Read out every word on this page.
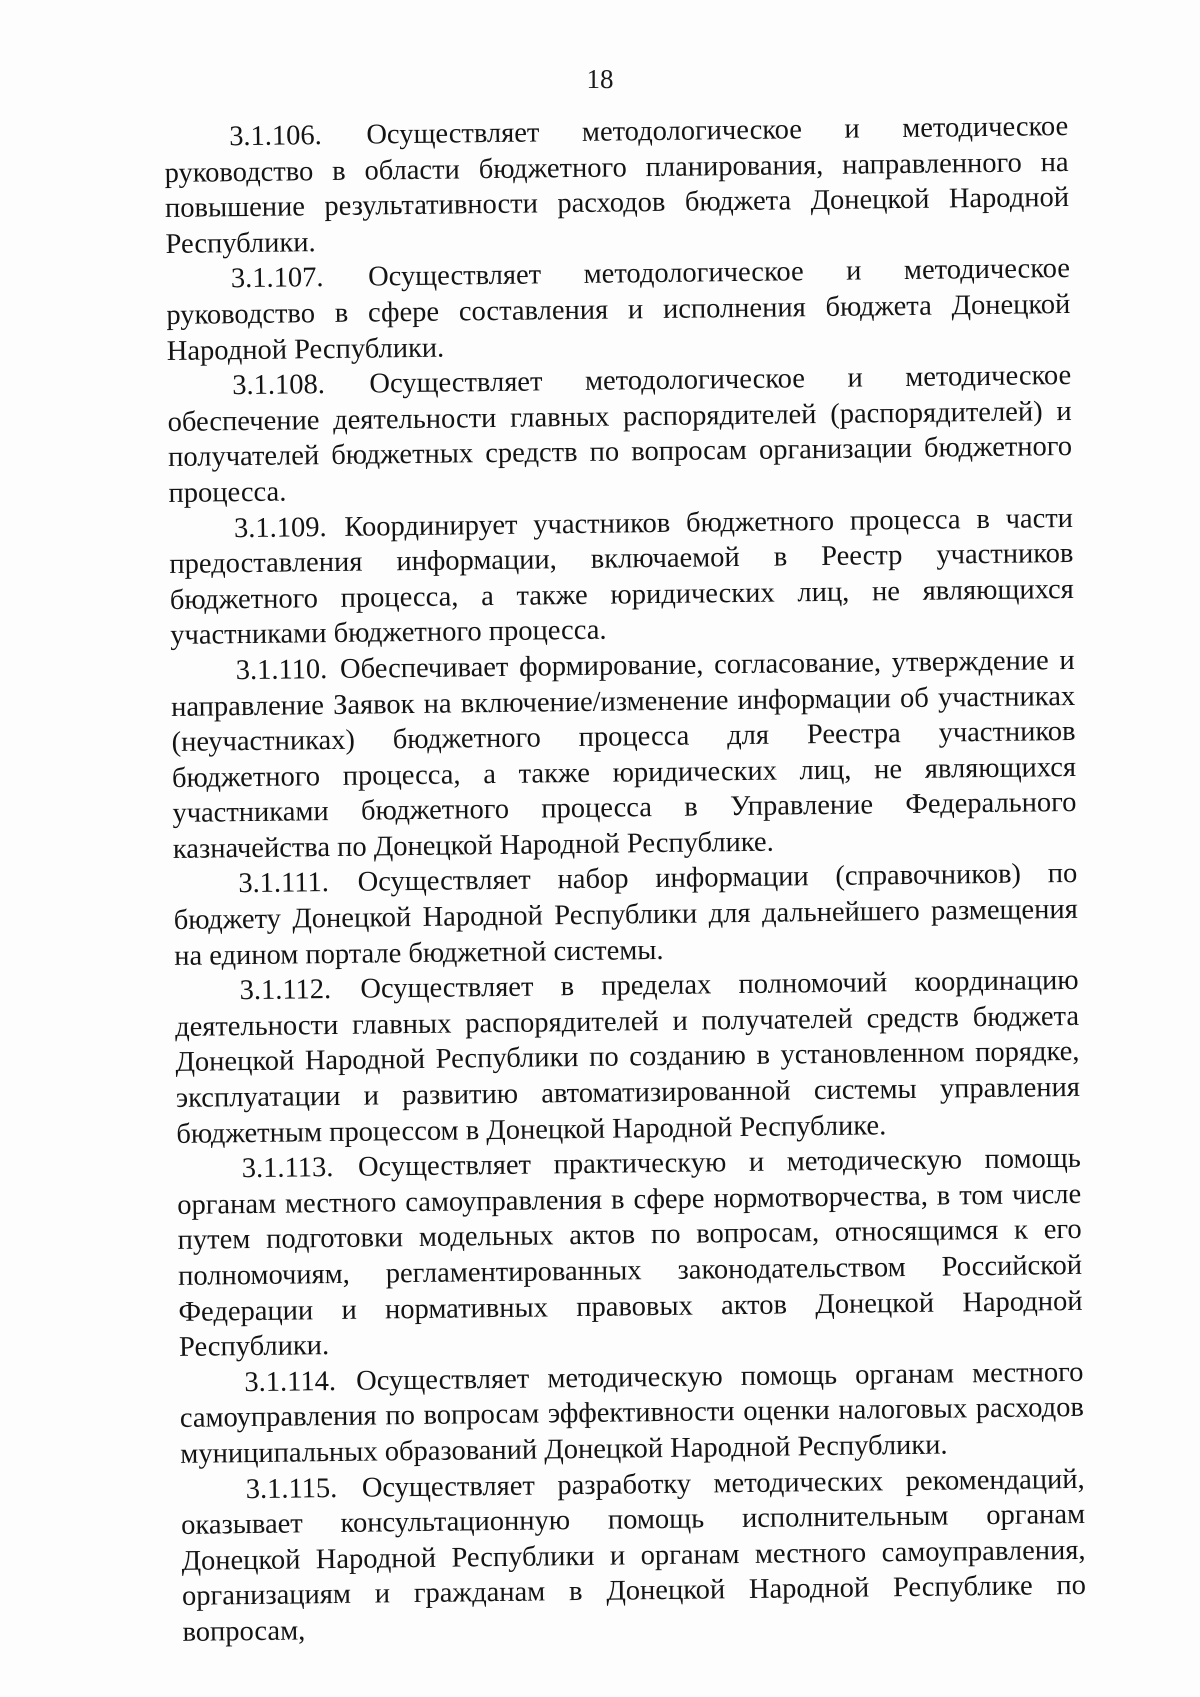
18

3.1.106. Осуществляет методологическое и методическое руководство в области бюджетного планирования, направленного на повышение результативности расходов бюджета Донецкой Народной Республики.

3.1.107. Осуществляет методологическое и методическое руководство в сфере составления и исполнения бюджета Донецкой Народной Республики.

3.1.108. Осуществляет методологическое и методическое обеспечение деятельности главных распорядителей (распорядителей) и получателей бюджетных средств по вопросам организации бюджетного процесса.

3.1.109. Координирует участников бюджетного процесса в части предоставления информации, включаемой в Реестр участников бюджетного процесса, а также юридических лиц, не являющихся участниками бюджетного процесса.

3.1.110. Обеспечивает формирование, согласование, утверждение и направление Заявок на включение/изменение информации об участниках (неучастниках) бюджетного процесса для Реестра участников бюджетного процесса, а также юридических лиц, не являющихся участниками бюджетного процесса в Управление Федерального казначейства по Донецкой Народной Республике.

3.1.111. Осуществляет набор информации (справочников) по бюджету Донецкой Народной Республики для дальнейшего размещения на едином портале бюджетной системы.

3.1.112. Осуществляет в пределах полномочий координацию деятельности главных распорядителей и получателей средств бюджета Донецкой Народной Республики по созданию в установленном порядке, эксплуатации и развитию автоматизированной системы управления бюджетным процессом в Донецкой Народной Республике.

3.1.113. Осуществляет практическую и методическую помощь органам местного самоуправления в сфере нормотворчества, в том числе путем подготовки модельных актов по вопросам, относящимся к его полномочиям, регламентированных законодательством Российской Федерации и нормативных правовых актов Донецкой Народной Республики.

3.1.114. Осуществляет методическую помощь органам местного самоуправления по вопросам эффективности оценки налоговых расходов муниципальных образований Донецкой Народной Республики.

3.1.115. Осуществляет разработку методических рекомендаций, оказывает консультационную помощь исполнительным органам Донецкой Народной Республики и органам местного самоуправления, организациям и гражданам в Донецкой Народной Республике по вопросам,
